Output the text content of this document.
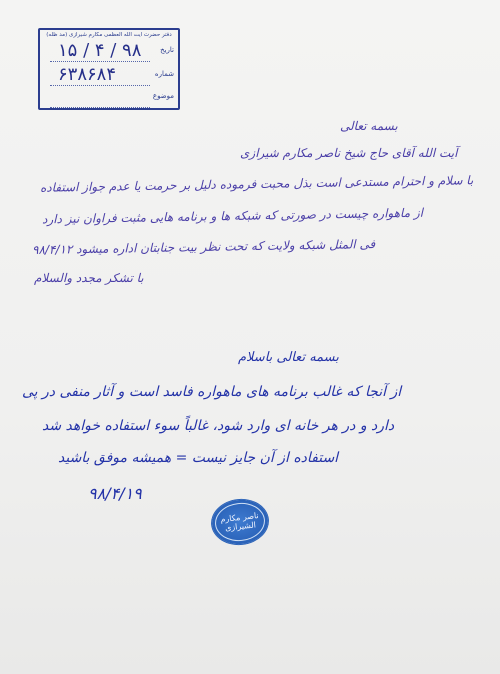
دفتر حضرت آیت الله العظمی مکارم شیرازی (مد ظله)
تاریخ
۹۸ / ۴ / ۱۵
شماره
۶۳۸۶۸۴
موضوع
بسمه تعالی
آیت الله آقای حاج شیخ ناصر مکارم شیرازی
با سلام و احترام مستدعی است بذل محبت فرموده دلیل بر حرمت یا عدم جواز استفاده
از ماهواره چیست در صورتی که شبکه ها و برنامه هایی مثبت فراوان نیز دارد
فی المثل شبکه ولایت که تحت نظر بیت جنابتان اداره میشود ۹۸/۴/۱۲
با تشکر مجدد والسلام
بسمه تعالی باسلام
از آنجا که غالب برنامه های ماهواره فاسد است و آثار منفی در پی
دارد و در هر خانه ای وارد شود، غالباً سوء استفاده خواهد شد
استفاده از آن جایز نیست = همیشه موفق باشید
۹۸/۴/۱۹
ناصر مکارم الشیرازی
